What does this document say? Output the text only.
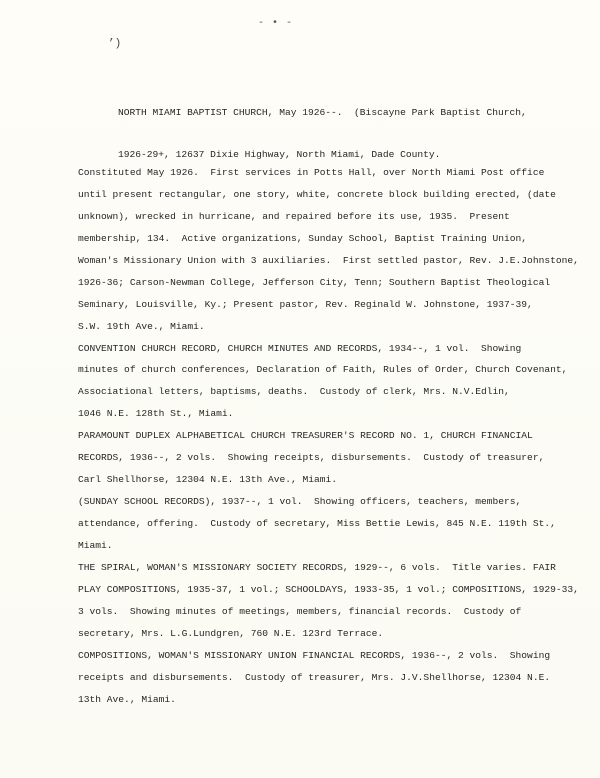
- • -
’)

NORTH MIAMI BAPTIST CHURCH, May 1926--.  (Biscayne Park Baptist Church,

1926-29+, 12637 Dixie Highway, North Miami, Dade County.

Constituted May 1926.  First services in Potts Hall, over North Miami Post office
until present rectangular, one story, white, concrete block building erected, (date
unknown), wrecked in hurricane, and repaired before its use, 1935.  Present
membership, 134.  Active organizations, Sunday School, Baptist Training Union,
Woman's Missionary Union with 3 auxiliaries.  First settled pastor, Rev. J.E.Johnstone,
1926-36; Carson-Newman College, Jefferson City, Tenn; Southern Baptist Theological
Seminary, Louisville, Ky.; Present pastor, Rev. Reginald W. Johnstone, 1937-39,
S.W. 19th Ave., Miami.
CONVENTION CHURCH RECORD, CHURCH MINUTES AND RECORDS, 1934--, 1 vol.  Showing
minutes of church conferences, Declaration of Faith, Rules of Order, Church Covenant,
Associational letters, baptisms, deaths.  Custody of clerk, Mrs. N.V.Edlin,
1046 N.E. 128th St., Miami.
PARAMOUNT DUPLEX ALPHABETICAL CHURCH TREASURER'S RECORD NO. 1, CHURCH FINANCIAL
RECORDS, 1936--, 2 vols.  Showing receipts, disbursements.  Custody of treasurer,
Carl Shellhorse, 12304 N.E. 13th Ave., Miami.
(SUNDAY SCHOOL RECORDS), 1937--, 1 vol.  Showing officers, teachers, members,
attendance, offering.  Custody of secretary, Miss Bettie Lewis, 845 N.E. 119th St.,
Miami.
THE SPIRAL, WOMAN'S MISSIONARY SOCIETY RECORDS, 1929--, 6 vols.  Title varies. FAIR
PLAY COMPOSITIONS, 1935-37, 1 vol.; SCHOOLDAYS, 1933-35, 1 vol.; COMPOSITIONS, 1929-33,
3 vols.  Showing minutes of meetings, members, financial records.  Custody of
secretary, Mrs. L.G.Lundgren, 760 N.E. 123rd Terrace.
COMPOSITIONS, WOMAN'S MISSIONARY UNION FINANCIAL RECORDS, 1936--, 2 vols.  Showing
receipts and disbursements.  Custody of treasurer, Mrs. J.V.Shellhorse, 12304 N.E.
13th Ave., Miami.
